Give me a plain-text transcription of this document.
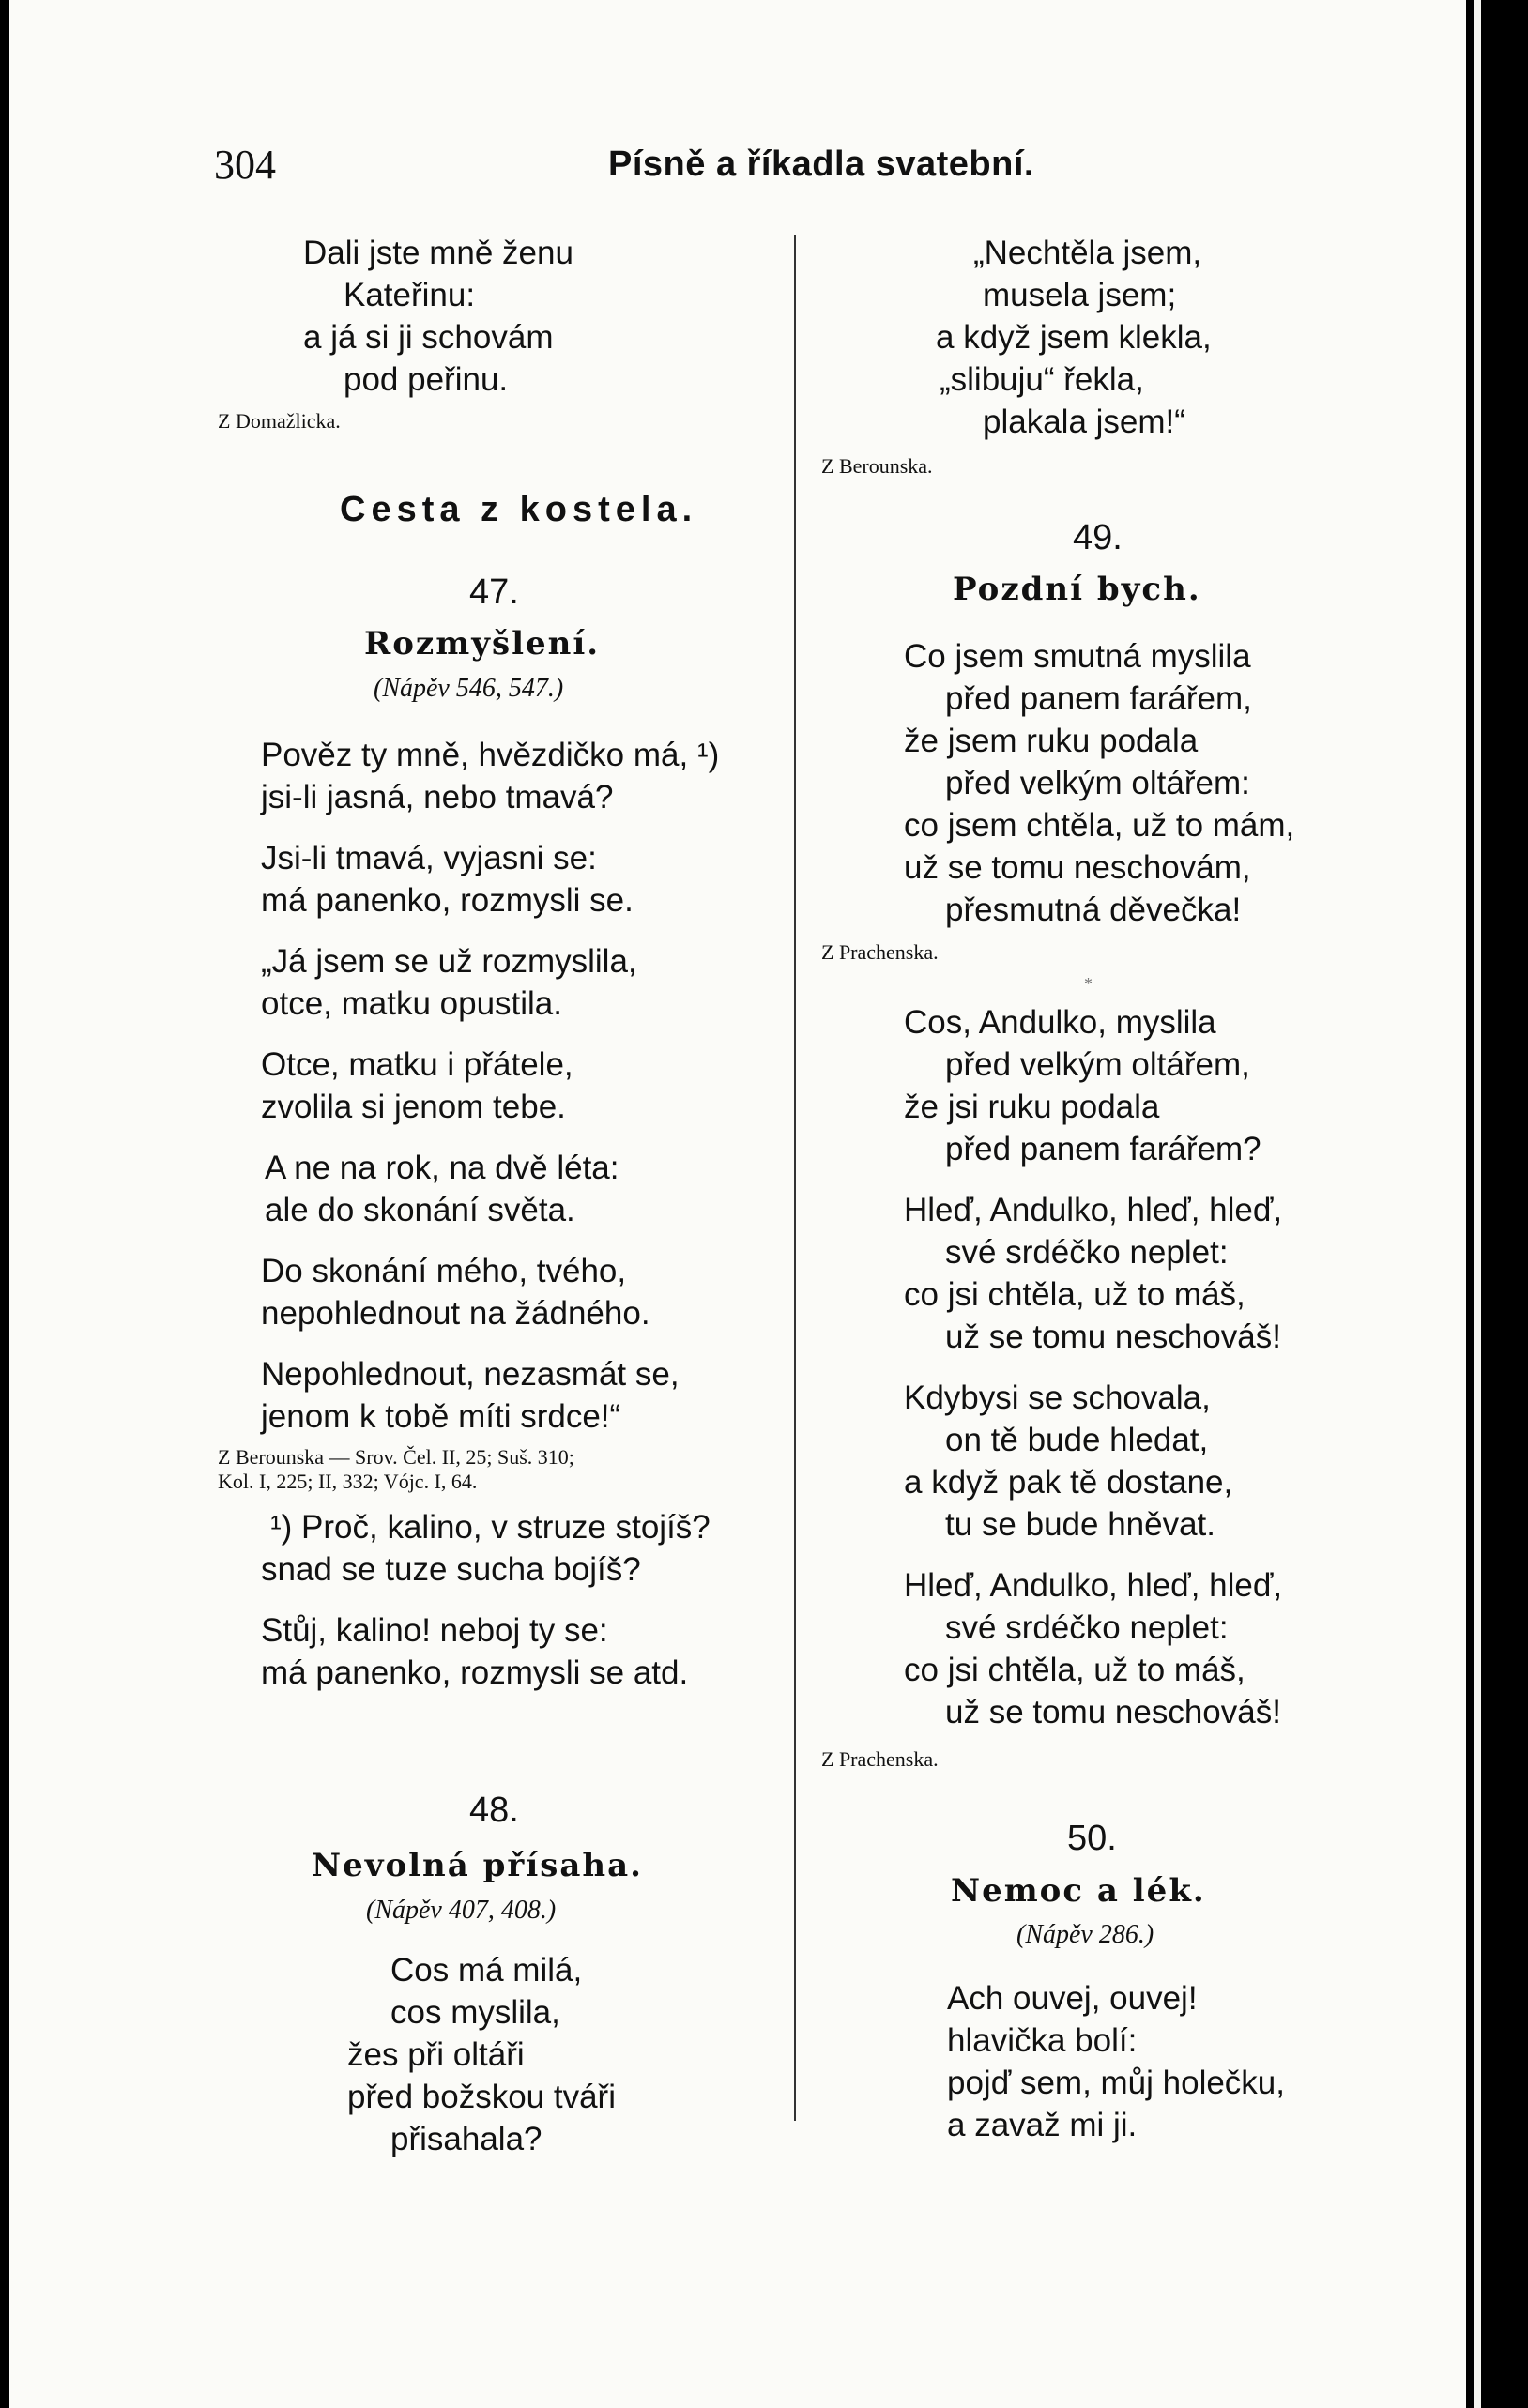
304	Písně a říkadla svatební.
Dali jste mně ženu
Kateřinu:
a já si ji schovám
pod peřinu.
Z Domažlicka.
Cesta z kostela.
47.
Rozmyšlení.
(Nápěv 546, 547.)
Pověz ty mně, hvězdičko má, ¹)
jsi-li jasná, nebo tmavá?
Jsi-li tmavá, vyjasni se:
má panenko, rozmysli se.
„Já jsem se už rozmyslila,
otce, matku opustila.
Otce, matku i přátele,
zvolila si jenom tebe.
A ne na rok, na dvě léta:
ale do skonání světa.
Do skonání mého, tvého,
nepohlednout na žádného.
Nepohlednout, nezasmát se,
jenom k tobě míti srdce!“
Z Berounska — Srov. Čel. II, 25; Suš. 310;
Kol. I, 225; II, 332; Vójc. I, 64.
¹) Proč, kalino, v struze stojíš?
snad se tuze sucha bojíš?
Stůj, kalino! neboj ty se:
má panenko, rozmysli se atd.
48.
Nevolná přísaha.
(Nápěv 407, 408.)
Cos má milá,
cos myslila,
žes při oltáři
před božskou tváři
přisahala?
„Nechtěla jsem,
musela jsem;
a když jsem klekla,
„slibuju“ řekla,
plakala jsem!“
Z Berounska.
49.
Pozdní bych.
Co jsem smutná myslila
před panem farářem,
že jsem ruku podala
před velkým oltářem:
co jsem chtěla, už to mám,
už se tomu neschovám,
přesmutná děvečka!
Z Prachenska.
*
Cos, Andulko, myslila
před velkým oltářem,
že jsi ruku podala
před panem farářem?
Hleď, Andulko, hleď, hleď,
své srdéčko neplet:
co jsi chtěla, už to máš,
už se tomu neschováš!
Kdybysi se schovala,
on tě bude hledat,
a když pak tě dostane,
tu se bude hněvat.
Hleď, Andulko, hleď, hleď,
své srdéčko neplet:
co jsi chtěla, už to máš,
už se tomu neschováš!
Z Prachenska.
50.
Nemoc a lék.
(Nápěv 286.)
Ach ouvej, ouvej!
hlavička bolí:
pojď sem, můj holečku,
a zavaž mi ji.
